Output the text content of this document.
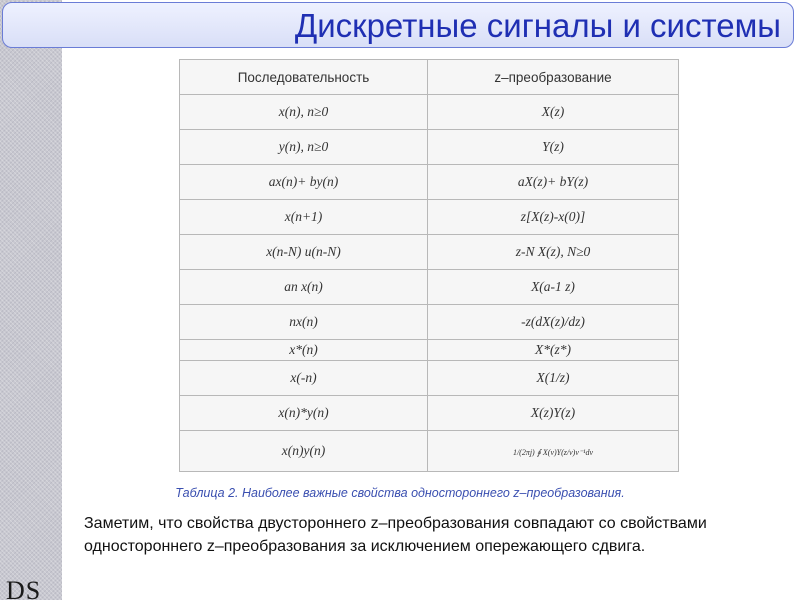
DS
Дискретные сигналы и системы
Последовательность	z–преобразование
x(n), n≥0	X(z)
y(n), n≥0	Y(z)
ax(n)+ by(n)	aX(z)+ bY(z)
x(n+1)	z[X(z)-x(0)]
x(n-N) u(n-N)	z-N X(z), N≥0
an x(n)	X(a-1 z)
nx(n)	-z(dX(z)/dz)
x*(n)	X*(z*)
x(-n)	X(1/z)
x(n)*y(n)	X(z)Y(z)
x(n)y(n)	1/(2πj) ∮ X(v)Y(z/v)v⁻¹dv
Таблица 2. Наиболее важные свойства одностороннего z–преобразования.
Заметим, что свойства двустороннего z–преобразования совпадают со свойствами одностороннего z–преобразования за исключением опережающего сдвига.
